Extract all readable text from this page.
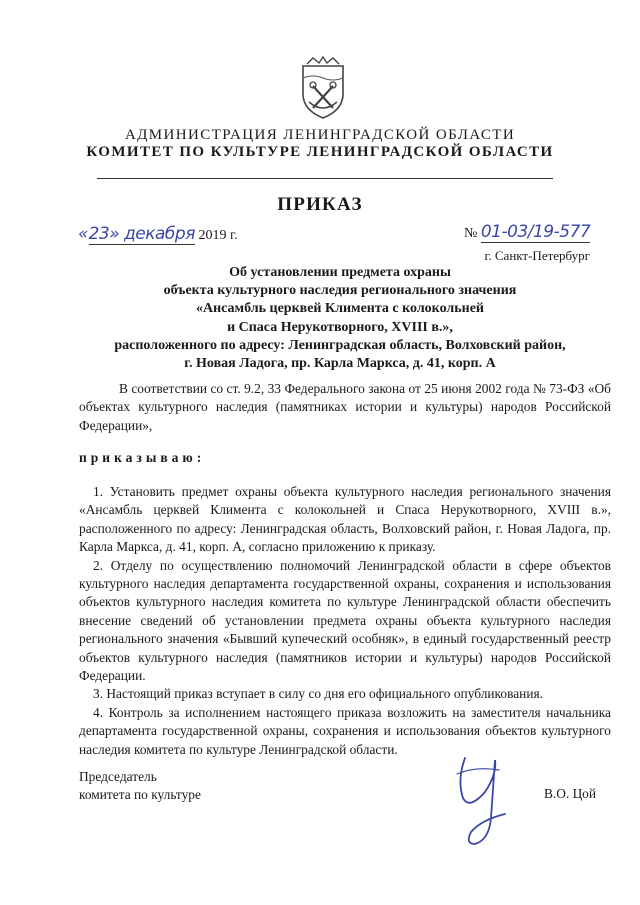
АДМИНИСТРАЦИЯ ЛЕНИНГРАДСКОЙ ОБЛАСТИ
КОМИТЕТ ПО КУЛЬТУРЕ ЛЕНИНГРАДСКОЙ ОБЛАСТИ
ПРИКАЗ
«23» декабря 2019 г.	№ 01-03/19-577
г. Санкт-Петербург
Об установлении предмета охраны
объекта культурного наследия регионального значения
«Ансамбль церквей Климента с колокольней
и Спаса Нерукотворного, XVIII в.»,
расположенного по адресу: Ленинградская область, Волховский район,
г. Новая Ладога, пр. Карла Маркса, д. 41, корп. А
В соответствии со ст. 9.2, 33 Федерального закона от 25 июня 2002 года № 73-ФЗ «Об объектах культурного наследия (памятниках истории и культуры) народов Российской Федерации»,
приказываю:
1. Установить предмет охраны объекта культурного наследия регионального значения «Ансамбль церквей Климента с колокольней и Спаса Нерукотворного, XVIII в.», расположенного по адресу: Ленинградская область, Волховский район, г. Новая Ладога, пр. Карла Маркса, д. 41, корп. А, согласно приложению к приказу.
2. Отделу по осуществлению полномочий Ленинградской области в сфере объектов культурного наследия департамента государственной охраны, сохранения и использования объектов культурного наследия комитета по культуре Ленинградской области обеспечить внесение сведений об установлении предмета охраны объекта культурного наследия регионального значения «Бывший купеческий особняк», в единый государственный реестр объектов культурного наследия (памятников истории и культуры) народов Российской Федерации.
3. Настоящий приказ вступает в силу со дня его официального опубликования.
4. Контроль за исполнением настоящего приказа возложить на заместителя начальника департамента государственной охраны, сохранения и использования объектов культурного наследия комитета по культуре Ленинградской области.
Председатель
комитета по культуре	В.О. Цой
